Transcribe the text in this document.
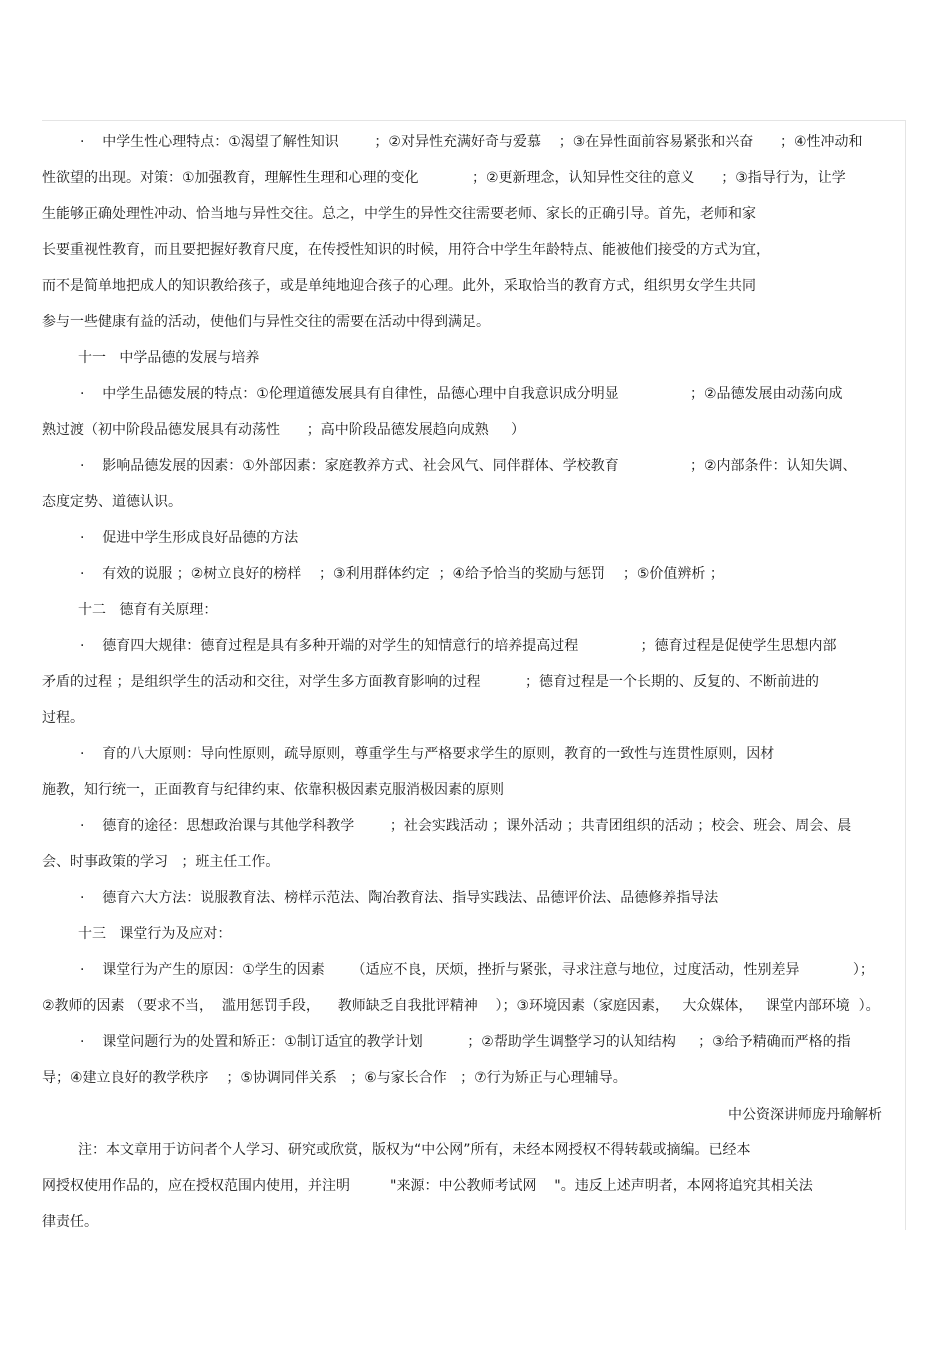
·    中学生性心理特点：①渴望了解性知识        ；②对异性充满好奇与爱慕    ；③在异性面前容易紧张和兴奋      ；④性冲动和
性欲望的出现。对策：①加强教育，理解性生理和心理的变化            ；②更新理念，认知异性交往的意义      ；③指导行为，让学
生能够正确处理性冲动、恰当地与异性交往。总之，中学生的异性交往需要老师、家长的正确引导。首先，老师和家
长要重视性教育，而且要把握好教育尺度，在传授性知识的时候，用符合中学生年龄特点、能被他们接受的方式为宜，
而不是简单地把成人的知识教给孩子，或是单纯地迎合孩子的心理。此外，采取恰当的教育方式，组织男女学生共同
参与一些健康有益的活动，使他们与异性交往的需要在活动中得到满足。
十一   中学品德的发展与培养
·    中学生品德发展的特点：①伦理道德发展具有自律性，品德心理中自我意识成分明显                ；②品德发展由动荡向成
熟过渡（初中阶段品德发展具有动荡性      ；高中阶段品德发展趋向成熟     ）
·    影响品德发展的因素：①外部因素：家庭教养方式、社会风气、同伴群体、学校教育                ；②内部条件：认知失调、
态度定势、道德认识。
·    促进中学生形成良好品德的方法
·    有效的说服 ；②树立良好的榜样    ；③利用群体约定  ；④给予恰当的奖励与惩罚    ；⑤价值辨析 ；
十二   德育有关原理：
·    德育四大规律：德育过程是具有多种开端的对学生的知情意行的培养提高过程              ；德育过程是促使学生思想内部
矛盾的过程 ；是组织学生的活动和交往，对学生多方面教育影响的过程          ；德育过程是一个长期的、反复的、不断前进的
过程。
·    育的八大原则：导向性原则，疏导原则，尊重学生与严格要求学生的原则，教育的一致性与连贯性原则，因材
施教，知行统一，正面教育与纪律约束、依靠积极因素克服消极因素的原则
·    德育的途径：思想政治课与其他学科教学        ；社会实践活动 ；课外活动 ；共青团组织的活动 ；校会、班会、周会、晨
会、时事政策的学习   ；班主任工作。
·    德育六大方法：说服教育法、榜样示范法、陶冶教育法、指导实践法、品德评价法、品德修养指导法
十三   课堂行为及应对：
·    课堂行为产生的原因：①学生的因素      （适应不良，厌烦，挫折与紧张，寻求注意与地位，过度活动，性别差异            ）；
②教师的因素 （要求不当，  滥用惩罚手段，    教师缺乏自我批评精神    ）；③环境因素（家庭因素，   大众媒体，   课堂内部环境  ）。
·    课堂问题行为的处置和矫正：①制订适宜的教学计划          ；②帮助学生调整学习的认知结构     ；③给予精确而严格的指
导；④建立良好的教学秩序    ；⑤协调同伴关系   ；⑥与家长合作   ；⑦行为矫正与心理辅导。
中公资深讲师庞丹瑜解析
注：本文章用于访问者个人学习、研究或欣赏，版权为“中公网”所有，未经本网授权不得转载或摘编。已经本
网授权使用作品的，应在授权范围内使用，并注明         "来源：中公教师考试网    "。违反上述声明者，本网将追究其相关法
律责任。
